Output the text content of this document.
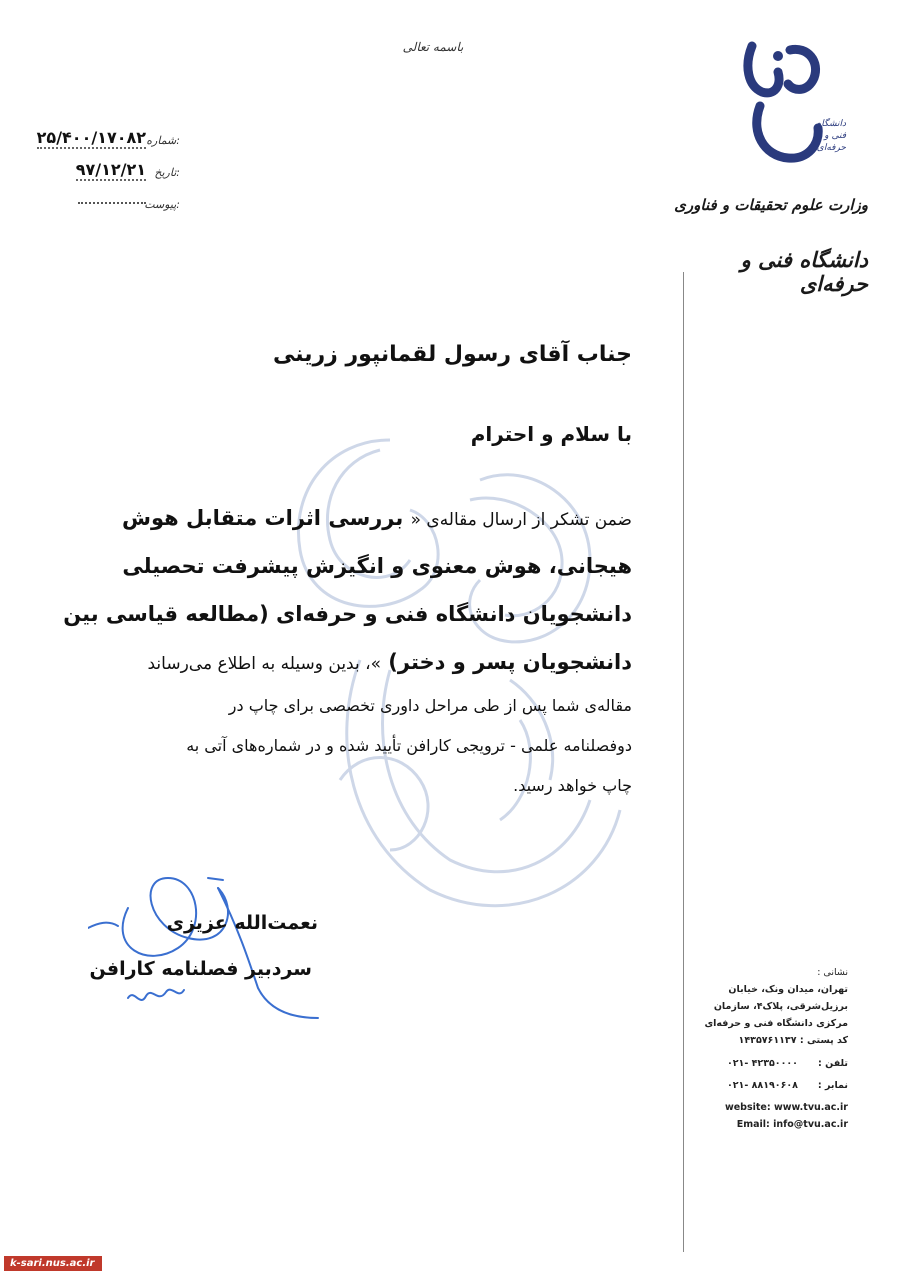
باسمه تعالی
شماره:
۲۵/۴۰۰/۱۷۰۸۲
تاریخ:
۹۷/۱۲/۲۱
پیوست:
دانشگاه فنی و حرفه‌ای
وزارت علوم تحقیقات و فناوری
دانشگاه فنی و حرفه‌ای
جناب آقای رسول لقمانپور زرینی
با سلام و احترام
ضمن تشکر از ارسال مقاله‌ی « بررسی اثرات متقابل هوش
هیجانی، هوش معنوی و انگیزش پیشرفت تحصیلی
دانشجویان دانشگاه فنی و حرفه‌ای (مطالعه قیاسی بین
دانشجویان پسر و دختر) »، بدین وسیله به اطلاع می‌رساند
مقاله‌ی شما پس از طی مراحل داوری تخصصی برای چاپ در
دوفصلنامه علمی - ترویجی کارافن تأیید شده و در شماره‌های آتی به
چاپ خواهد رسید.
نعمت‌الله عزیزی
سردبیر فصلنامه کارافن	نشانی :
تهران، میدان ونک، خیابان
برزیل‌شرقی، پلاک۴، سازمان
مرکزی دانشگاه فنی و حرفه‌ای
کد پستی : ۱۴۳۵۷۶۱۱۳۷
تلفن :
۰۲۱- ۴۲۳۵۰۰۰۰
نمابر :
۰۲۱- ۸۸۱۹۰۶۰۸
website: www.tvu.ac.ir
Email: info@tvu.ac.ir
k-sari.nus.ac.ir
